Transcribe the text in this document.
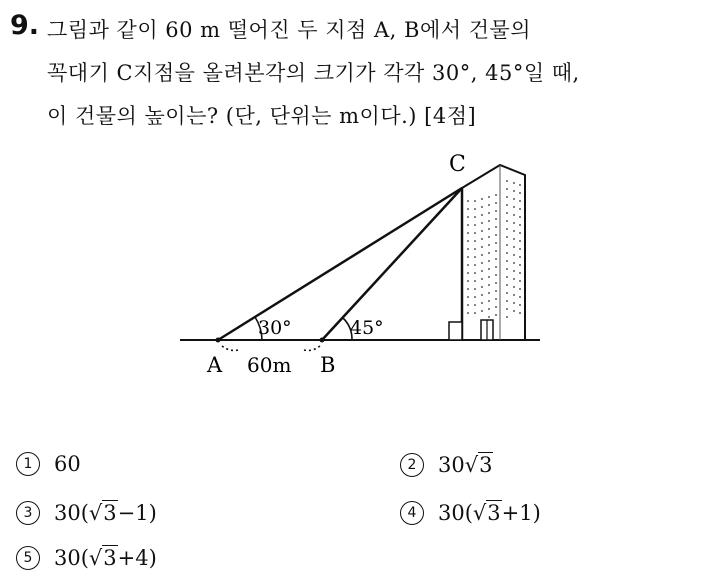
9. 그림과 같이 60 m 떨어진 두 지점 A, B에서 건물의
꼭대기 C지점을 올려본각의 크기가 각각 30°, 45°일 때,
이 건물의 높이는? (단, 단위는 m이다.) [4점]
30°	45°
A 60m B
C
1	60	2	30√ 3
3	30(√ 3 −1)	4	30(√ 3 +1)
5	30(√ 3 +4)
